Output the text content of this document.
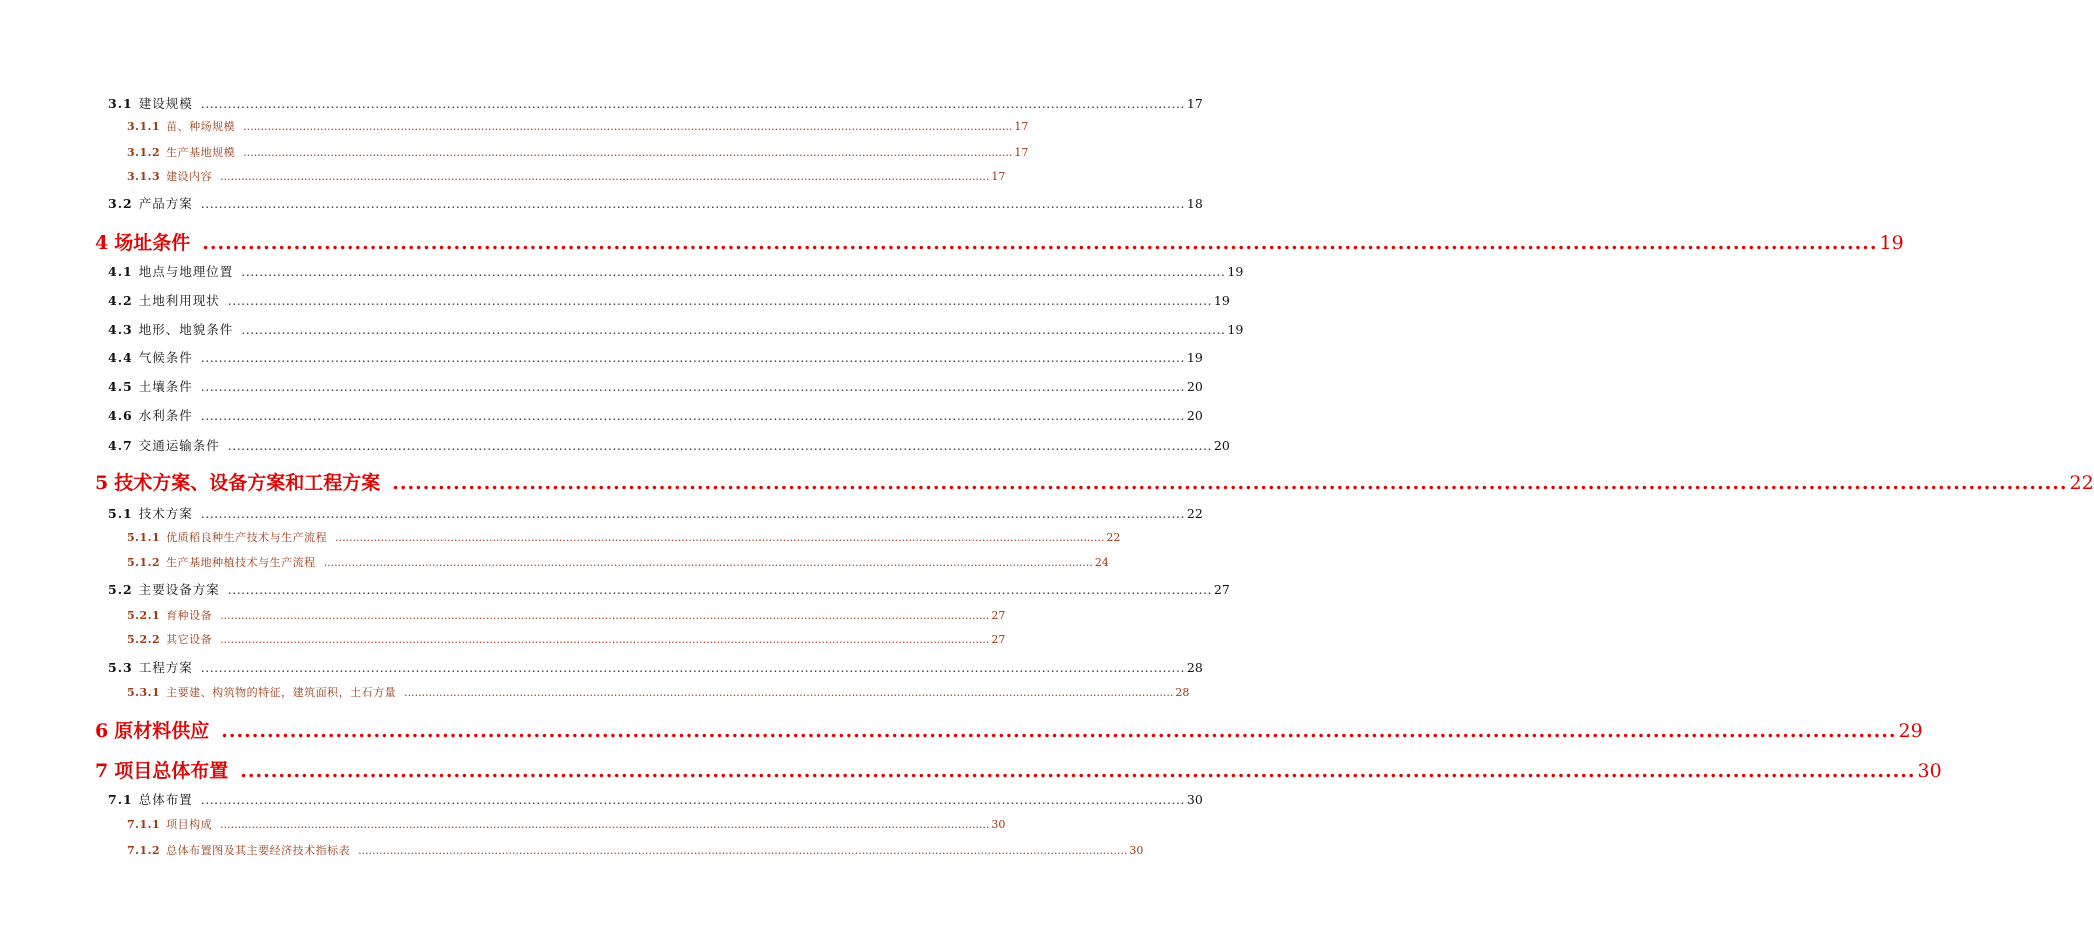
3.1 建设规模 ............................................................................................................................................................................................................................ 17
3.1.1 苗、种场规模 ............................................................................................................................................................................................................................ 17
3.1.2 生产基地规模 ............................................................................................................................................................................................................................ 17
3.1.3 建设内容 ............................................................................................................................................................................................................................ 17
3.2 产品方案 ............................................................................................................................................................................................................................ 18
4 场址条件 ............................................................................................................................................................................................................................ 19
4.1 地点与地理位置 ............................................................................................................................................................................................................................ 19
4.2 土地利用现状 ............................................................................................................................................................................................................................ 19
4.3 地形、地貌条件 ............................................................................................................................................................................................................................ 19
4.4 气候条件 ............................................................................................................................................................................................................................ 19
4.5 土壤条件 ............................................................................................................................................................................................................................ 20
4.6 水利条件 ............................................................................................................................................................................................................................ 20
4.7 交通运输条件 ............................................................................................................................................................................................................................ 20
5 技术方案、设备方案和工程方案 ............................................................................................................................................................................................................................ 22
5.1 技术方案 ............................................................................................................................................................................................................................ 22
5.1.1 优质稻良种生产技术与生产流程 ............................................................................................................................................................................................................................ 22
5.1.2 生产基地种植技术与生产流程 ............................................................................................................................................................................................................................ 24
5.2 主要设备方案 ............................................................................................................................................................................................................................ 27
5.2.1 育种设备 ............................................................................................................................................................................................................................ 27
5.2.2 其它设备 ............................................................................................................................................................................................................................ 27
5.3 工程方案 ............................................................................................................................................................................................................................ 28
5.3.1 主要建、构筑物的特征，建筑面积，土石方量 ............................................................................................................................................................................................................................ 28
6 原材料供应 ............................................................................................................................................................................................................................ 29
7 项目总体布置 ............................................................................................................................................................................................................................ 30
7.1 总体布置 ............................................................................................................................................................................................................................ 30
7.1.1 项目构成 ............................................................................................................................................................................................................................ 30
7.1.2 总体布置图及其主要经济技术指标表 ............................................................................................................................................................................................................................ 30
